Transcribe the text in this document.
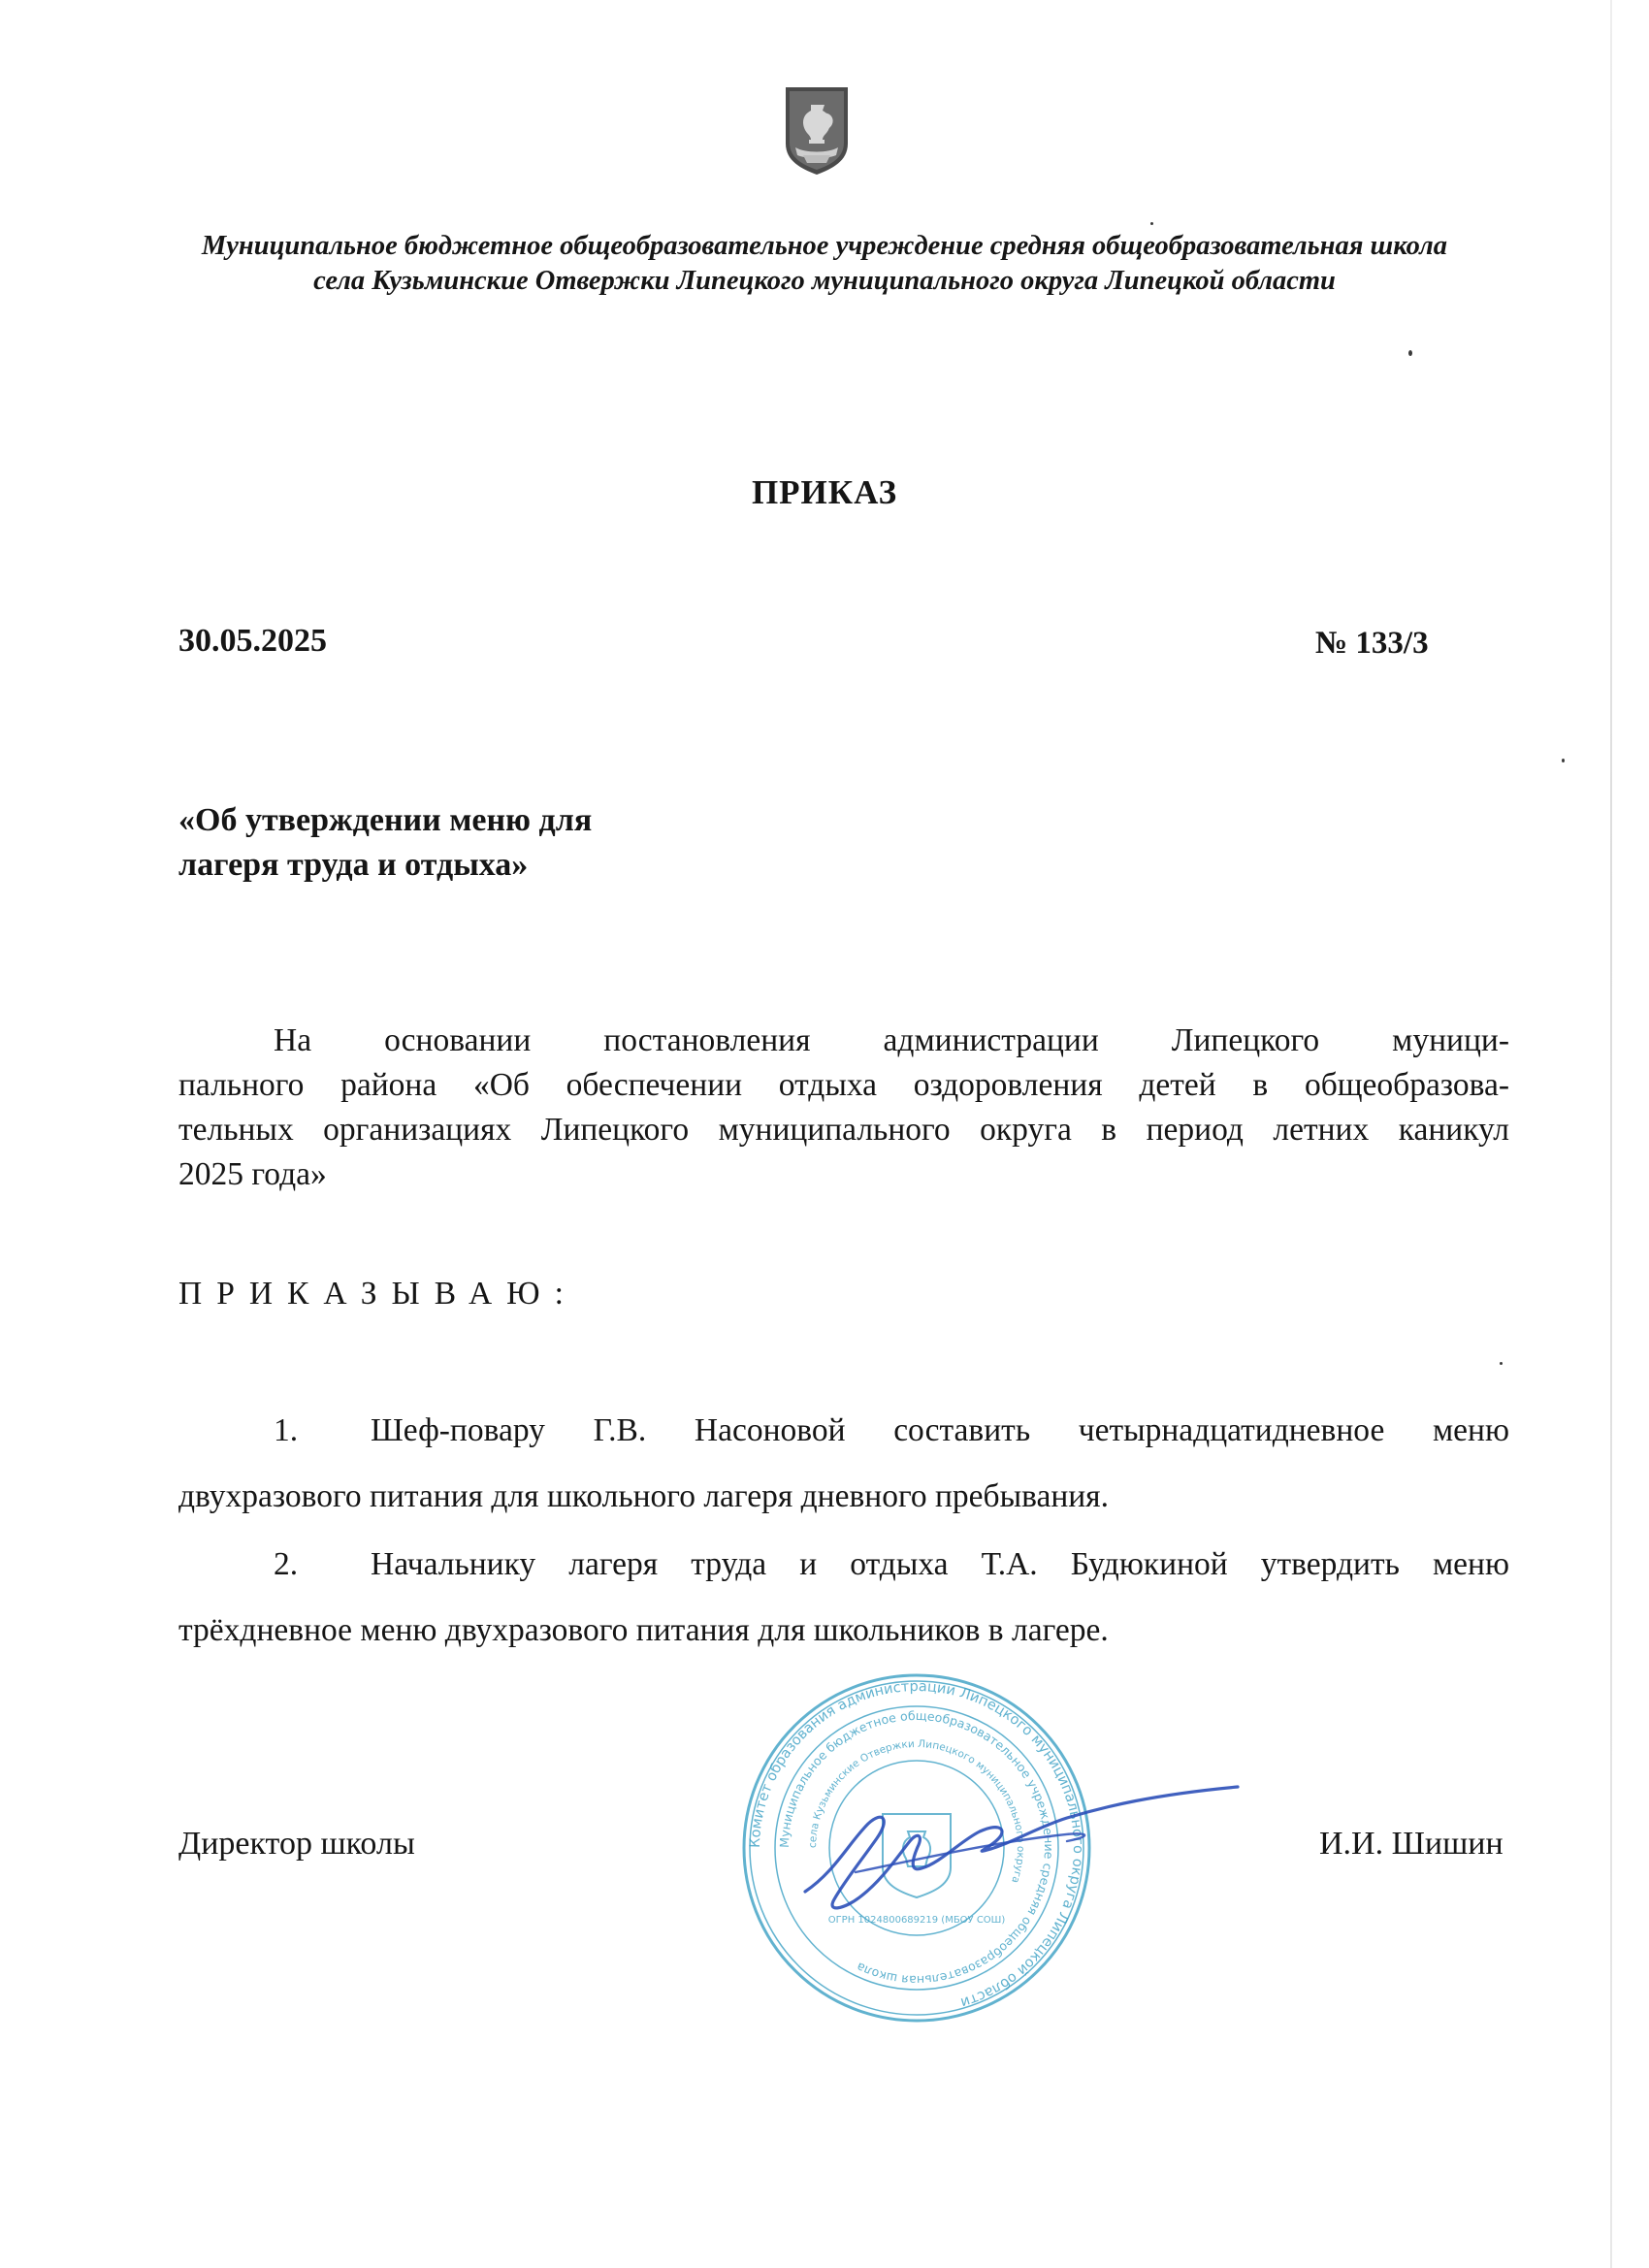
Муниципальное бюджетное общеобразовательное учреждение средняя общеобразовательная школа
села Кузьминские Отвержки Липецкого муниципального округа Липецкой области
ПРИКАЗ
30.05.2025	№ 133/3
«Об утверждении меню для
лагеря труда и отдыха»
На основании постановления администрации Липецкого муници-
пального района «Об обеспечении отдыха оздоровления детей в общеобразова-
тельных организациях Липецкого муниципального округа в период летних каникул
2025 года»
ПРИКАЗЫВАЮ:
1. Шеф-повару Г.В. Насоновой составить четырнадцатидневное меню
двухразового питания для школьного лагеря дневного пребывания.
2. Начальнику лагеря труда и отдыха Т.А. Будюкиной утвердить меню
трёхдневное меню двухразового питания для школьников в лагере.
Директор школы	И.И. Шишин
Комитет образования администрации Липецкого муниципального округа Липецкой области
Муниципальное бюджетное общеобразовательное учреждение средняя общеобразовательная школа
села Кузьминские Отвержки Липецкого муниципального округа
ОГРН 1024800689219 (МБОУ СОШ)
